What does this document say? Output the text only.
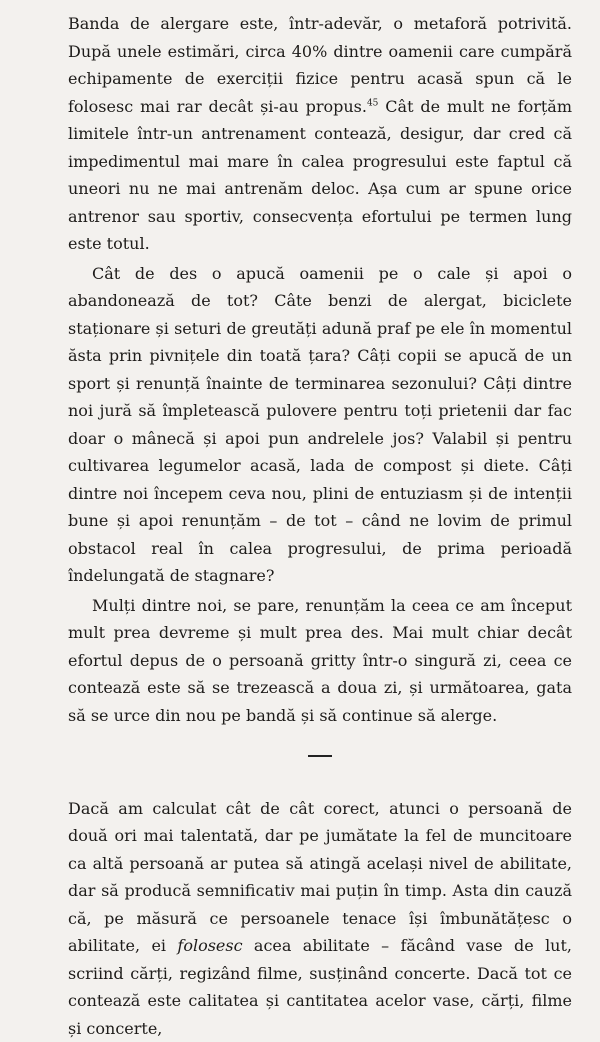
Banda de alergare este, într-adevăr, o metaforă potrivită. După unele estimări, circa 40% dintre oamenii care cumpără echipamente de exerciții fizice pentru acasă spun că le folosesc mai rar decât și-au propus.$^{45}$ Cât de mult ne forțăm limitele într-un antrenament contează, desigur, dar cred că impedimentul mai mare în calea progresului este faptul că uneori nu ne mai antrenăm deloc. Așa cum ar spune orice antrenor sau sportiv, consecvența efortului pe termen lung este totul.

Cât de des o apucă oamenii pe o cale și apoi o abandonează de tot? Câte benzi de alergat, biciclete staționare și seturi de greutăți adună praf pe ele în momentul ăsta prin pivnițele din toată țara? Câți copii se apucă de un sport și renunță înainte de terminarea sezonului? Câți dintre noi jură să împletească pulovere pentru toți prietenii dar fac doar o mânecă și apoi pun andrelele jos? Valabil și pentru cultivarea legumelor acasă, lada de compost și diete. Câți dintre noi începem ceva nou, plini de entuziasm și de intenții bune și apoi renunțăm – de tot – când ne lovim de primul obstacol real în calea progresului, de prima perioadă îndelungată de stagnare?

Mulți dintre noi, se pare, renunțăm la ceea ce am început mult prea devreme și mult prea des. Mai mult chiar decât efortul depus de o persoană gritty într-o singură zi, ceea ce contează este să se trezească a doua zi, și următoarea, gata să se urce din nou pe bandă și să continue să alerge.

Dacă am calculat cât de cât corect, atunci o persoană de două ori mai talentată, dar pe jumătate la fel de muncitoare ca altă persoană ar putea să atingă același nivel de abilitate, dar să producă semnificativ mai puțin în timp. Asta din cauză că, pe măsură ce persoanele tenace își îmbunătățesc o abilitate, ei folosesc acea abilitate – făcând vase de lut, scriind cărți, regizând filme, susținând concerte. Dacă tot ce contează este calitatea și cantitatea acelor vase, cărți, filme și concerte,
